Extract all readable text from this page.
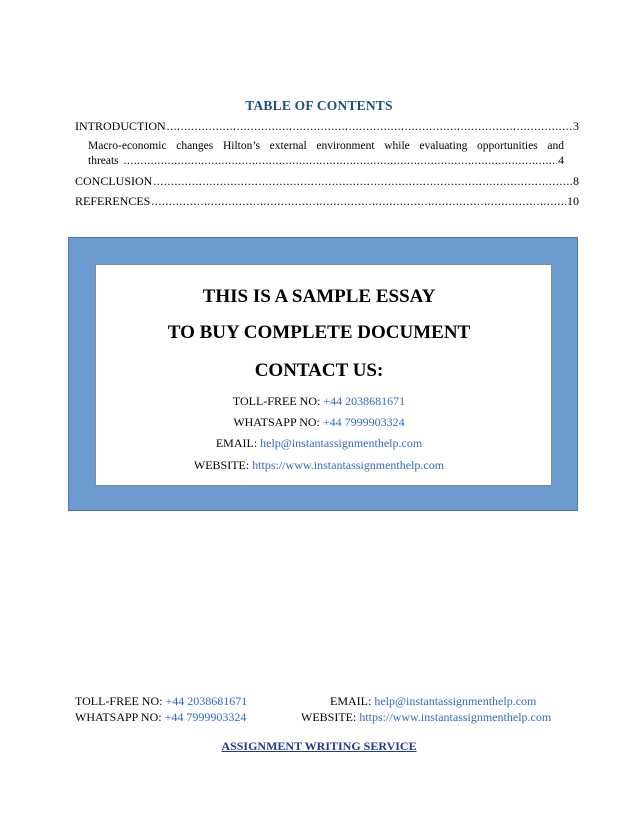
TABLE OF CONTENTS
INTRODUCTION .....	3
Macro-economic changes Hilton’s external environment while evaluating opportunities and
threats .....	4
CONCLUSION .....	8
REFERENCES .....	10
THIS IS A SAMPLE ESSAY
TO BUY COMPLETE DOCUMENT
CONTACT US:
TOLL-FREE NO: +44 2038681671
WHATSAPP NO: +44 7999903324
EMAIL: help@instantassignmenthelp.com
WEBSITE: https://www.instantassignmenthelp.com
TOLL-FREE NO: +44 2038681671
WHATSAPP NO: +44 7999903324
EMAIL: help@instantassignmenthelp.com
WEBSITE: https://www.instantassignmenthelp.com
ASSIGNMENT WRITING SERVICE
